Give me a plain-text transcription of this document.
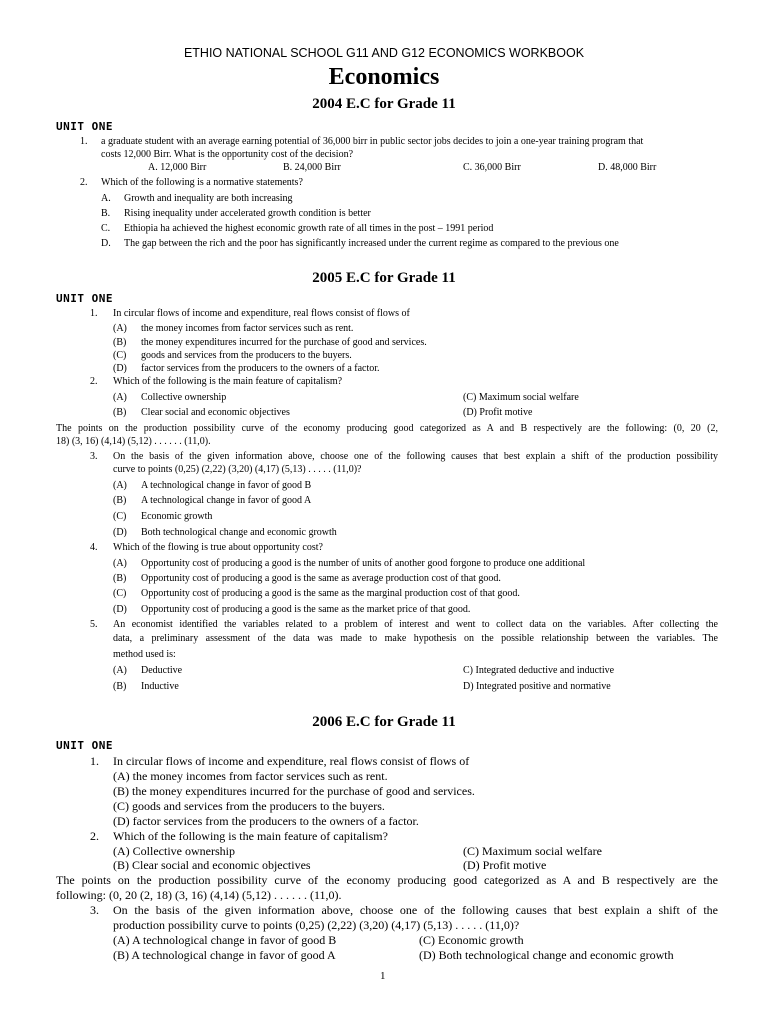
ETHIO NATIONAL SCHOOL G11 AND G12 ECONOMICS WORKBOOK
Economics
2004 E.C for Grade 11
UNIT ONE
1. a graduate student with an average earning potential of 36,000 birr in public sector jobs decides to join a one-year training program that
costs 12,000 Birr. What is the opportunity cost of the decision?
A. 12,000 Birr	B. 24,000 Birr	C. 36,000 Birr	D. 48,000 Birr
2. Which of the following is a normative statements?
A. Growth and inequality are both increasing
B. Rising inequality under accelerated growth condition is better
C. Ethiopia ha achieved the highest economic growth rate of all times in the post – 1991 period
D. The gap between the rich and the poor has significantly increased under the current regime as compared to the previous one
2005 E.C for Grade 11
UNIT ONE
1. In circular flows of income and expenditure, real flows consist of flows of
(A) the money incomes from factor services such as rent.
(B) the money expenditures incurred for the purchase of good and services.
(C) goods and services from the producers to the buyers.
(D) factor services from the producers to the owners of a factor.
2. Which of the following is the main feature of capitalism?
(A) Collective ownership	(C) Maximum social welfare
(B) Clear social and economic objectives	(D) Profit motive
The points on the production possibility curve of the economy producing good categorized as A and B respectively are the following: (0, 20 (2,
18) (3, 16) (4,14) (5,12) . . . . . . (11,0).
3. On the basis of the given information above, choose one of the following causes that best explain a shift of the production possibility
curve to points (0,25) (2,22) (3,20) (4,17) (5,13) . . . . . (11,0)?
(A) A technological change in favor of good B
(B) A technological change in favor of good A
(C) Economic growth
(D) Both technological change and economic growth
4. Which of the flowing is true about opportunity cost?
(A) Opportunity cost of producing a good is the number of units of another good forgone to produce one additional
(B) Opportunity cost of producing a good is the same as average production cost of that good.
(C) Opportunity cost of producing a good is the same as the marginal production cost of that good.
(D) Opportunity cost of producing a good is the same as the market price of that good.
5. An economist identified the variables related to a problem of interest and went to collect data on the variables. After collecting the
data, a preliminary assessment of the data was made to make hypothesis on the possible relationship between the variables. The
method used is:
(A) Deductive	C) Integrated deductive and inductive
(B) Inductive	D) Integrated positive and normative
2006 E.C for Grade 11
UNIT ONE
1. In circular flows of income and expenditure, real flows consist of flows of
(A) the money incomes from factor services such as rent.
(B) the money expenditures incurred for the purchase of good and services.
(C) goods and services from the producers to the buyers.
(D) factor services from the producers to the owners of a factor.
2. Which of the following is the main feature of capitalism?
(A) Collective ownership	(C) Maximum social welfare
(B) Clear social and economic objectives	(D) Profit motive
The points on the production possibility curve of the economy producing good categorized as A and B respectively are the
following: (0, 20 (2, 18) (3, 16) (4,14) (5,12) . . . . . . (11,0).
3. On the basis of the given information above, choose one of the following causes that best explain a shift of the
production possibility curve to points (0,25) (2,22) (3,20) (4,17) (5,13) . . . . . (11,0)?
(A) A technological change in favor of good B	(C) Economic growth
(B) A technological change in favor of good A	(D) Both technological change and economic growth
1
